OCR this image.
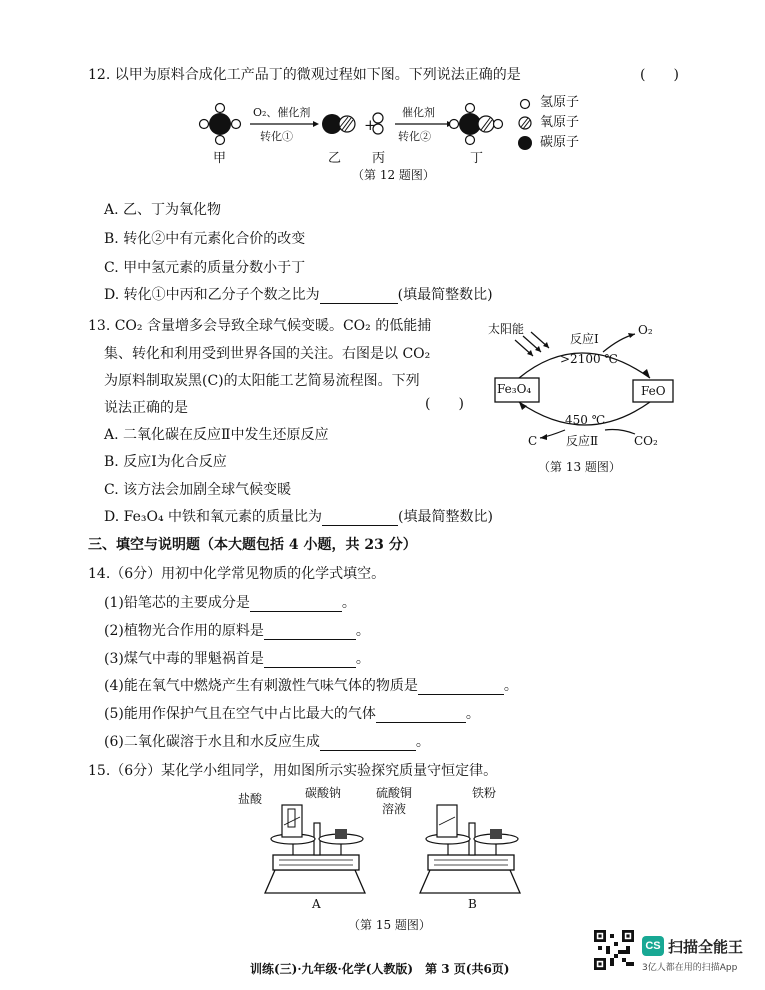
12. 以甲为原料合成化工产品丁的微观过程如下图。下列说法正确的是	(　　)
O₂、催化剂
转化①
+
催化剂
转化②
甲	乙 丙	丁
氢原子
氧原子
碳原子
（第 12 题图）
A. 乙、丁为氧化物
B. 转化②中有元素化合价的改变
C. 甲中氢元素的质量分数小于丁
D. 转化①中丙和乙分子个数之比为	(填最简整数比)
13. CO₂ 含量增多会导致全球气候变暖。CO₂ 的低能捕
集、转化和利用受到世界各国的关注。右图是以 CO₂
为原料制取炭黑(C)的太阳能工艺简易流程图。下列
说法正确的是	(　　)
A. 二氧化碳在反应Ⅱ中发生还原反应
B. 反应Ⅰ为化合反应
C. 该方法会加剧全球气候变暖
D. Fe₃O₄ 中铁和氧元素的质量比为	(填最简整数比)
太阳能
反应Ⅰ
>2100 ℃
O₂
Fe₃O₄	FeO
450 ℃
C 反应Ⅱ	CO₂
（第 13 题图）
三、填空与说明题（本大题包括 4 小题，共 23 分）
14.（6分）用初中化学常见物质的化学式填空。
(1)铅笔芯的主要成分是	。
(2)植物光合作用的原料是	。
(3)煤气中毒的罪魁祸首是	。
(4)能在氧气中燃烧产生有刺激性气味气体的物质是	。
(5)能用作保护气且在空气中占比最大的气体	。
(6)二氧化碳溶于水且和水反应生成	。
15.（6分）某化学小组同学，用如图所示实验探究质量守恒定律。
盐酸	碳酸钠	硫酸铜
溶液
铁粉
A	B
（第 15 题图）
训练(三)·九年级·化学(人教版)　第 3 页(共6页)
CS 扫描全能王
3亿人都在用的扫描App
